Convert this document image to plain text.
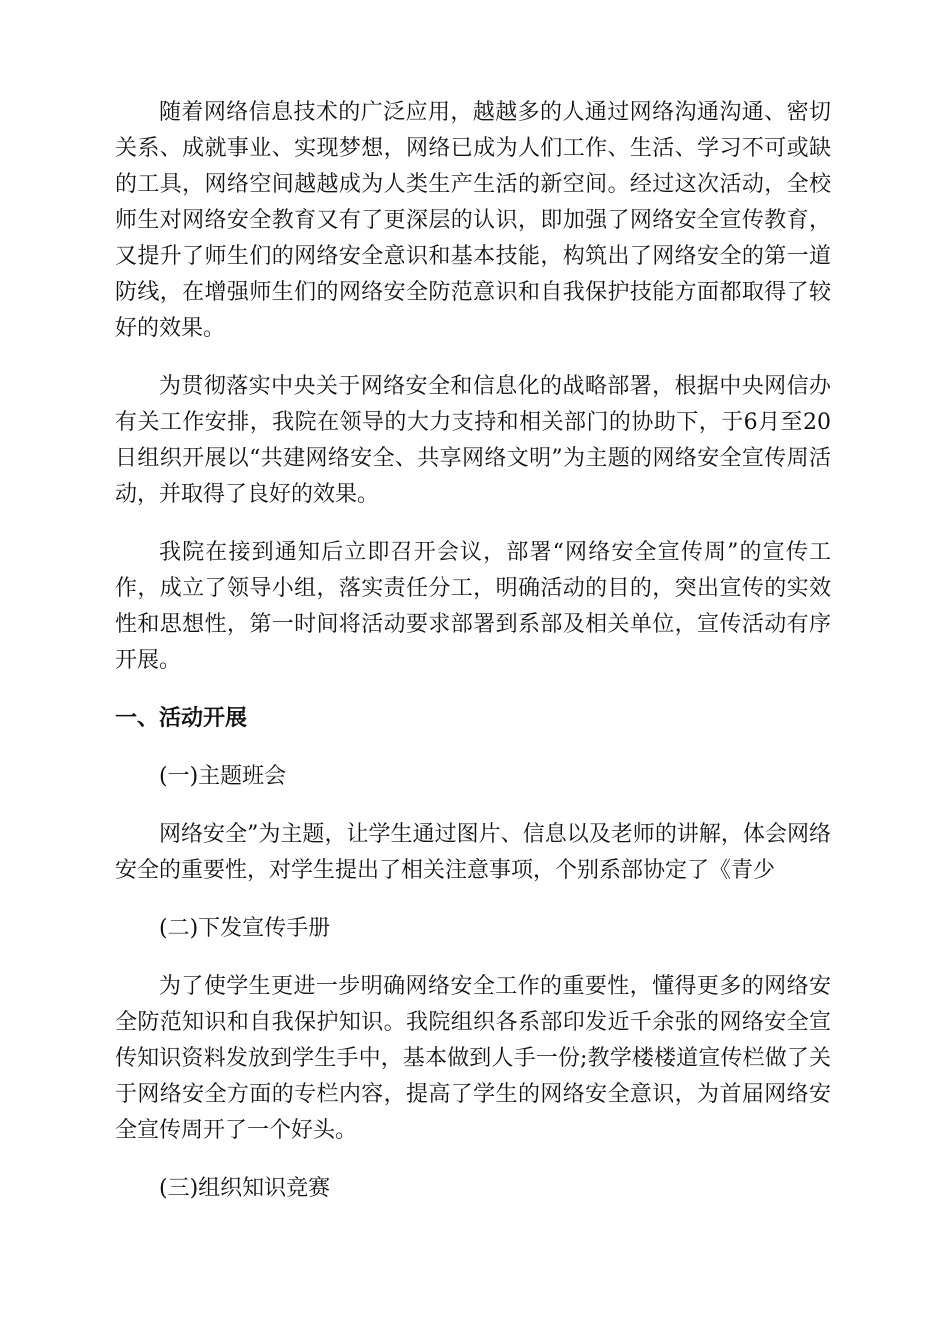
随着网络信息技术的广泛应用，越越多的人通过网络沟通沟通、密切关系、成就事业、实现梦想，网络已成为人们工作、生活、学习不可或缺的工具，网络空间越越成为人类生产生活的新空间。经过这次活动，全校师生对网络安全教育又有了更深层的认识，即加强了网络安全宣传教育，又提升了师生们的网络安全意识和基本技能，构筑出了网络安全的第一道防线，在增强师生们的网络安全防范意识和自我保护技能方面都取得了较好的效果。

为贯彻落实中央关于网络安全和信息化的战略部署，根据中央网信办有关工作安排，我院在领导的大力支持和相关部门的协助下，于6月至20日组织开展以“共建网络安全、共享网络文明”为主题的网络安全宣传周活动，并取得了良好的效果。

我院在接到通知后立即召开会议，部署“网络安全宣传周”的宣传工作，成立了领导小组，落实责任分工，明确活动的目的，突出宣传的实效性和思想性，第一时间将活动要求部署到系部及相关单位，宣传活动有序开展。

一、活动开展

(一)主题班会

网络安全”为主题，让学生通过图片、信息以及老师的讲解，体会网络安全的重要性，对学生提出了相关注意事项，个别系部协定了《青少

(二)下发宣传手册

为了使学生更进一步明确网络安全工作的重要性，懂得更多的网络安全防范知识和自我保护知识。我院组织各系部印发近千余张的网络安全宣传知识资料发放到学生手中，基本做到人手一份;教学楼楼道宣传栏做了关于网络安全方面的专栏内容，提高了学生的网络安全意识，为首届网络安全宣传周开了一个好头。

(三)组织知识竞赛
